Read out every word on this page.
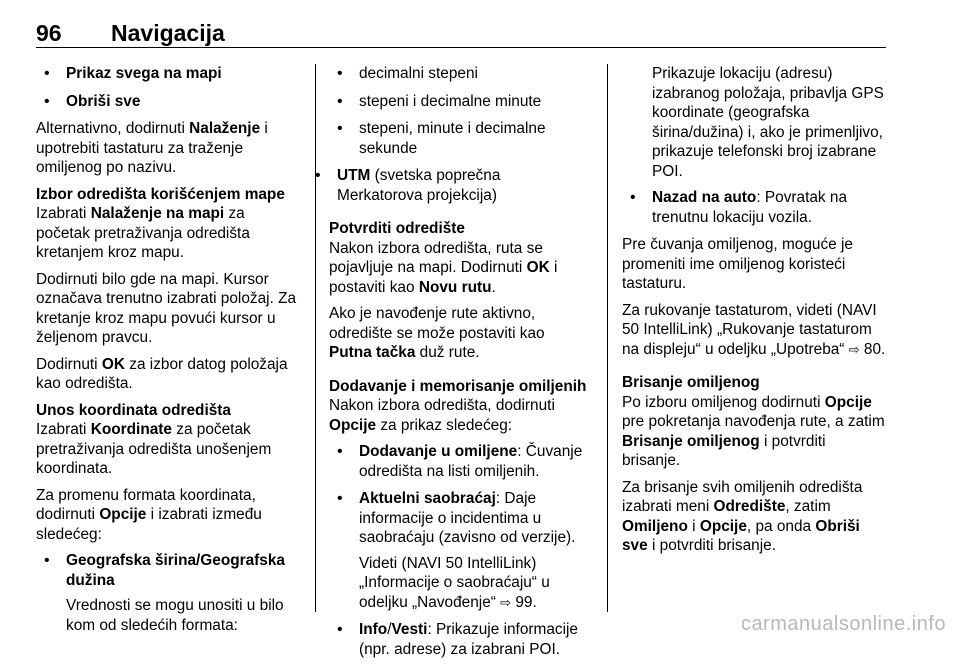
96 Navigacija
• Prikaz svega na mapi
• Obriši sve

Alternativno, dodirnuti Nalaženje i upotrebiti tastaturu za traženje omiljenog po nazivu.

Izbor odredišta korišćenjem mape

Izabrati Nalaženje na mapi za početak pretraživanja odredišta kretanjem kroz mapu.

Dodirnuti bilo gde na mapi. Kursor označava trenutno izabrati položaj. Za kretanje kroz mapu povući kursor u željenom pravcu.

Dodirnuti OK za izbor datog položaja kao odredišta.

Unos koordinata odredišta

Izabrati Koordinate za početak pretraživanja odredišta unošenjem koordinata.

Za promenu formata koordinata, dodirnuti Opcije i izabrati između sledećeg:

• Geografska širina/Geografska dužina
Vrednosti se mogu unositi u bilo kom od sledećih formata:
• decimalni stepeni
• stepeni i decimalne minute
• stepeni, minute i decimalne sekunde
• UTM (svetska poprečna Merkatorova projekcija)
Potvrditi odredište

Nakon izbora odredišta, ruta se pojavljuje na mapi. Dodirnuti OK i postaviti kao Novu rutu.

Ako je navođenje rute aktivno, odredište se može postaviti kao Putna tačka duž rute.

Dodavanje i memorisanje omiljenih

Nakon izbora odredišta, dodirnuti Opcije za prikaz sledećeg:

• Dodavanje u omiljene: Čuvanje odredišta na listi omiljenih.
• Aktuelni saobraćaj: Daje informacije o incidentima u saobraćaju (zavisno od verzije).
Videti (NAVI 50 IntelliLink) „Informacije o saobraćaju“ u odeljku „Navođenje“ ⇨ 99.
• Info/Vesti: Prikazuje informacije (npr. adrese) za izabrani POI.

Prikazuje lokaciju (adresu) izabranog položaja, pribavlja GPS koordinate (geografska širina/dužina) i, ako je primenljivo, prikazuje telefonski broj izabrane POI.

• Nazad na auto: Povratak na trenutnu lokaciju vozila.

Pre čuvanja omiljenog, moguće je promeniti ime omiljenog koristeći tastaturu.

Za rukovanje tastaturom, videti (NAVI 50 IntelliLink) „Rukovanje tastaturom na displeju“ u odeljku „Upotreba“ ⇨ 80.

Brisanje omiljenog

Po izboru omiljenog dodirnuti Opcije pre pokretanja navođenja rute, a zatim Brisanje omiljenog i potvrditi brisanje.

Za brisanje svih omiljenih odredišta izabrati meni Odredište, zatim Omiljeno i Opcije, pa onda Obriši sve i potvrditi brisanje.

carmanualsonline.info
